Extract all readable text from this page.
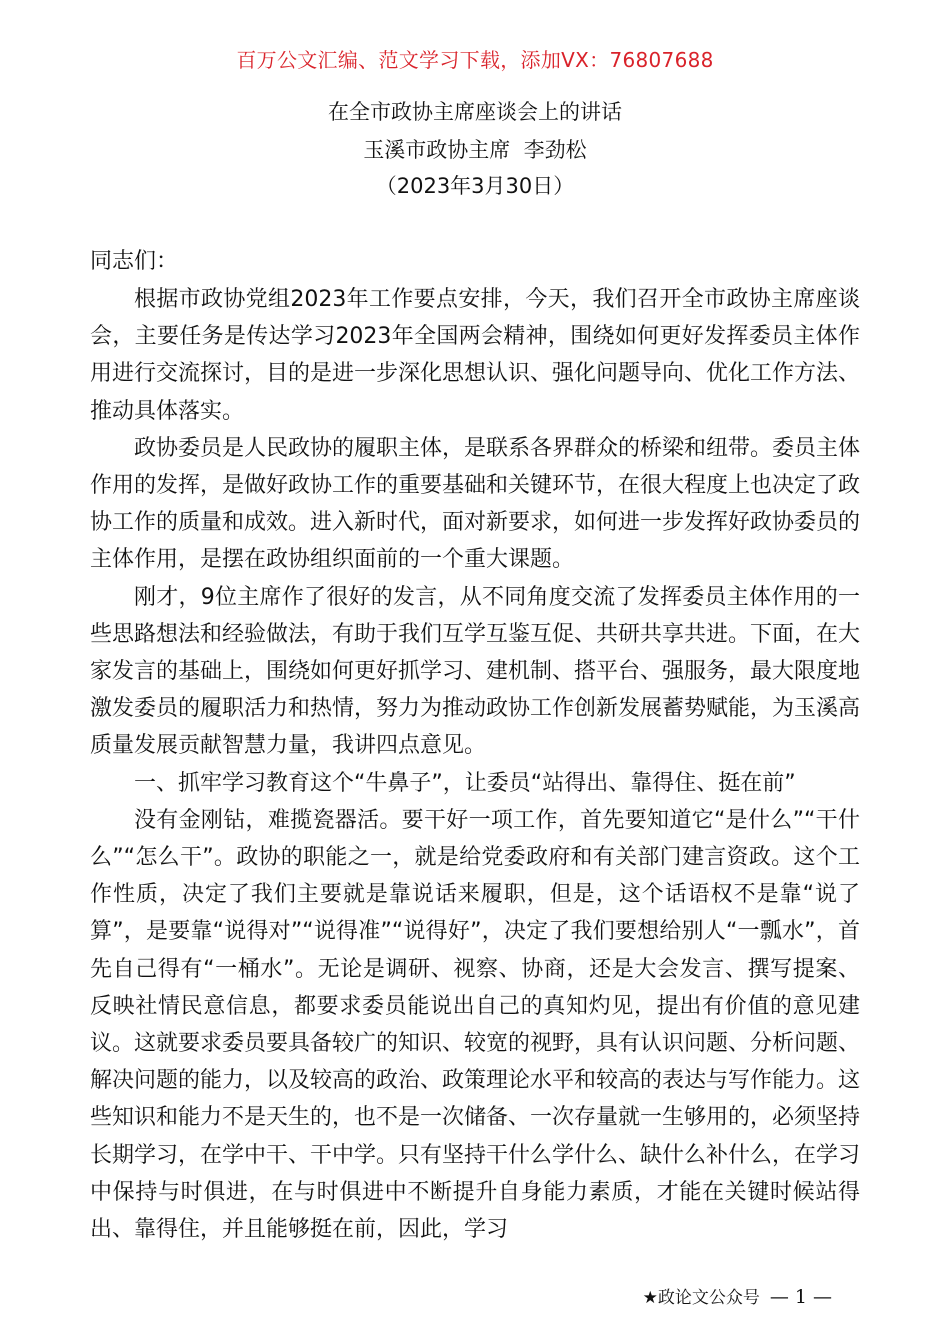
百万公文汇编、范文学习下载，添加VX：76807688
在全市政协主席座谈会上的讲话
玉溪市政协主席  李劲松
（2023年3月30日）

同志们：

根据市政协党组2023年工作要点安排，今天，我们召开全市政协主席座谈会，主要任务是传达学习2023年全国两会精神，围绕如何更好发挥委员主体作用进行交流探讨，目的是进一步深化思想认识、强化问题导向、优化工作方法、推动具体落实。

政协委员是人民政协的履职主体，是联系各界群众的桥梁和纽带。委员主体作用的发挥，是做好政协工作的重要基础和关键环节，在很大程度上也决定了政协工作的质量和成效。进入新时代，面对新要求，如何进一步发挥好政协委员的主体作用，是摆在政协组织面前的一个重大课题。

刚才，9位主席作了很好的发言，从不同角度交流了发挥委员主体作用的一些思路想法和经验做法，有助于我们互学互鉴互促、共研共享共进。下面，在大家发言的基础上，围绕如何更好抓学习、建机制、搭平台、强服务，最大限度地激发委员的履职活力和热情，努力为推动政协工作创新发展蓄势赋能，为玉溪高质量发展贡献智慧力量，我讲四点意见。

一、抓牢学习教育这个“牛鼻子”，让委员“站得出、靠得住、挺在前”

没有金刚钻，难揽瓷器活。要干好一项工作，首先要知道它“是什么”“干什么”“怎么干”。政协的职能之一，就是给党委政府和有关部门建言资政。这个工作性质，决定了我们主要就是靠说话来履职，但是，这个话语权不是靠“说了算”，是要靠“说得对”“说得准”“说得好”，决定了我们要想给别人“一瓢水”，首先自己得有“一桶水”。无论是调研、视察、协商，还是大会发言、撰写提案、反映社情民意信息，都要求委员能说出自己的真知灼见，提出有价值的意见建议。这就要求委员要具备较广的知识、较宽的视野，具有认识问题、分析问题、解决问题的能力，以及较高的政治、政策理论水平和较高的表达与写作能力。这些知识和能力不是天生的，也不是一次储备、一次存量就一生够用的，必须坚持长期学习，在学中干、干中学。只有坚持干什么学什么、缺什么补什么，在学习中保持与时俱进，在与时俱进中不断提升自身能力素质，才能在关键时候站得出、靠得住，并且能够挺在前，因此，学习

★政论文公众号 — 1 —
